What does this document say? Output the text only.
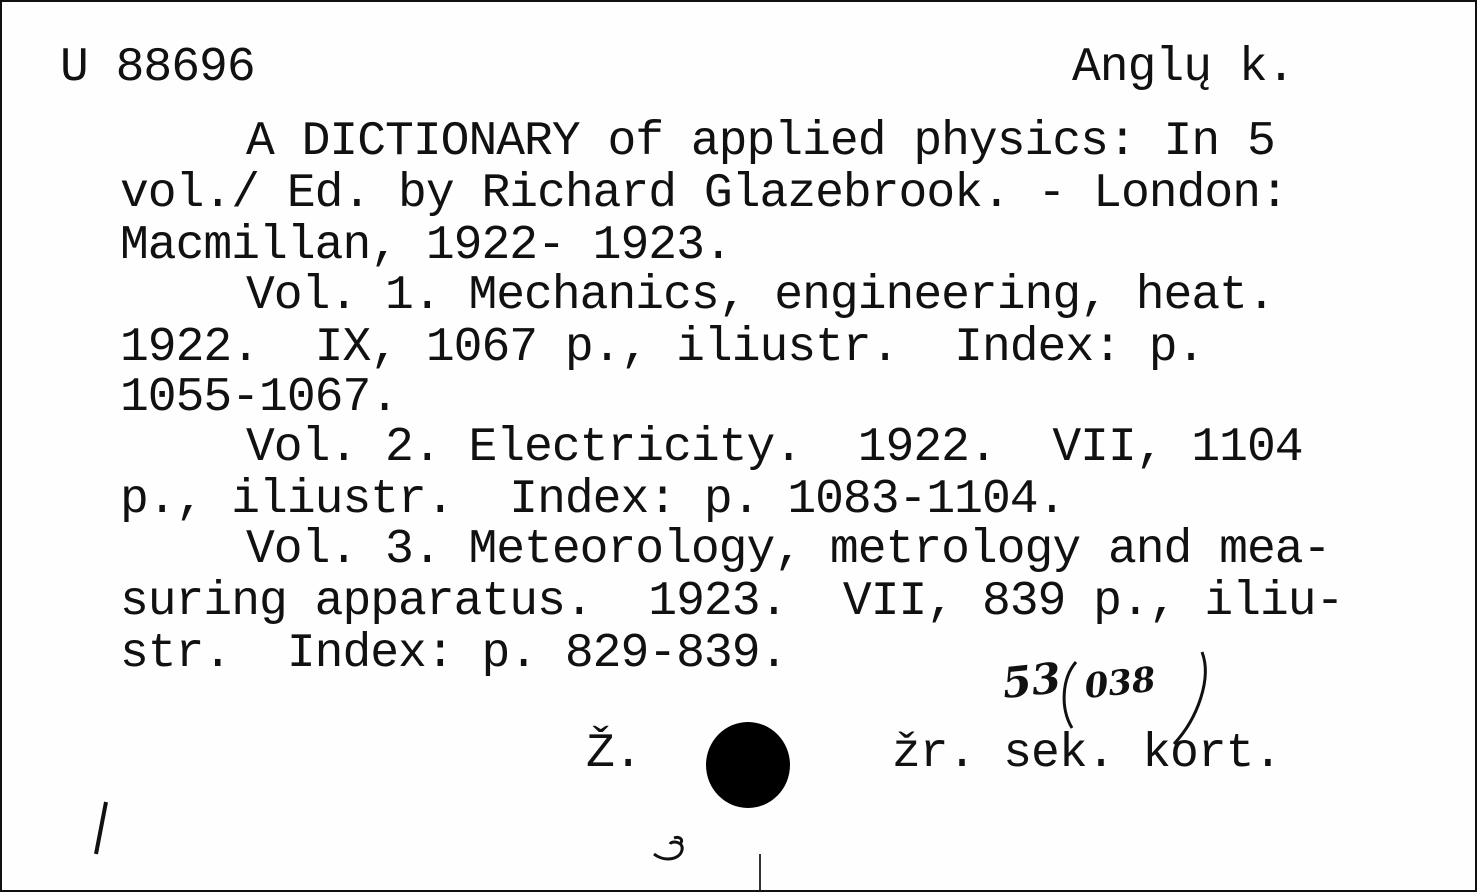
U 88696	Anglų k.
A DICTIONARY of applied physics: In 5
vol./ Ed. by Richard Glazebrook. - London:
Macmillan, 1922- 1923.
Vol. 1. Mechanics, engineering, heat.
1922.  IX, 1067 p., iliustr.  Index: p.
1055-1067.
Vol. 2. Electricity.  1922.  VII, 1104
p., iliustr.  Index: p. 1083-1104.
Vol. 3. Meteorology, metrology and mea-
suring apparatus.  1923.  VII, 839 p., iliu-
str.  Index: p. 829-839.
Ž.	žr. sek. kort.
53 038
